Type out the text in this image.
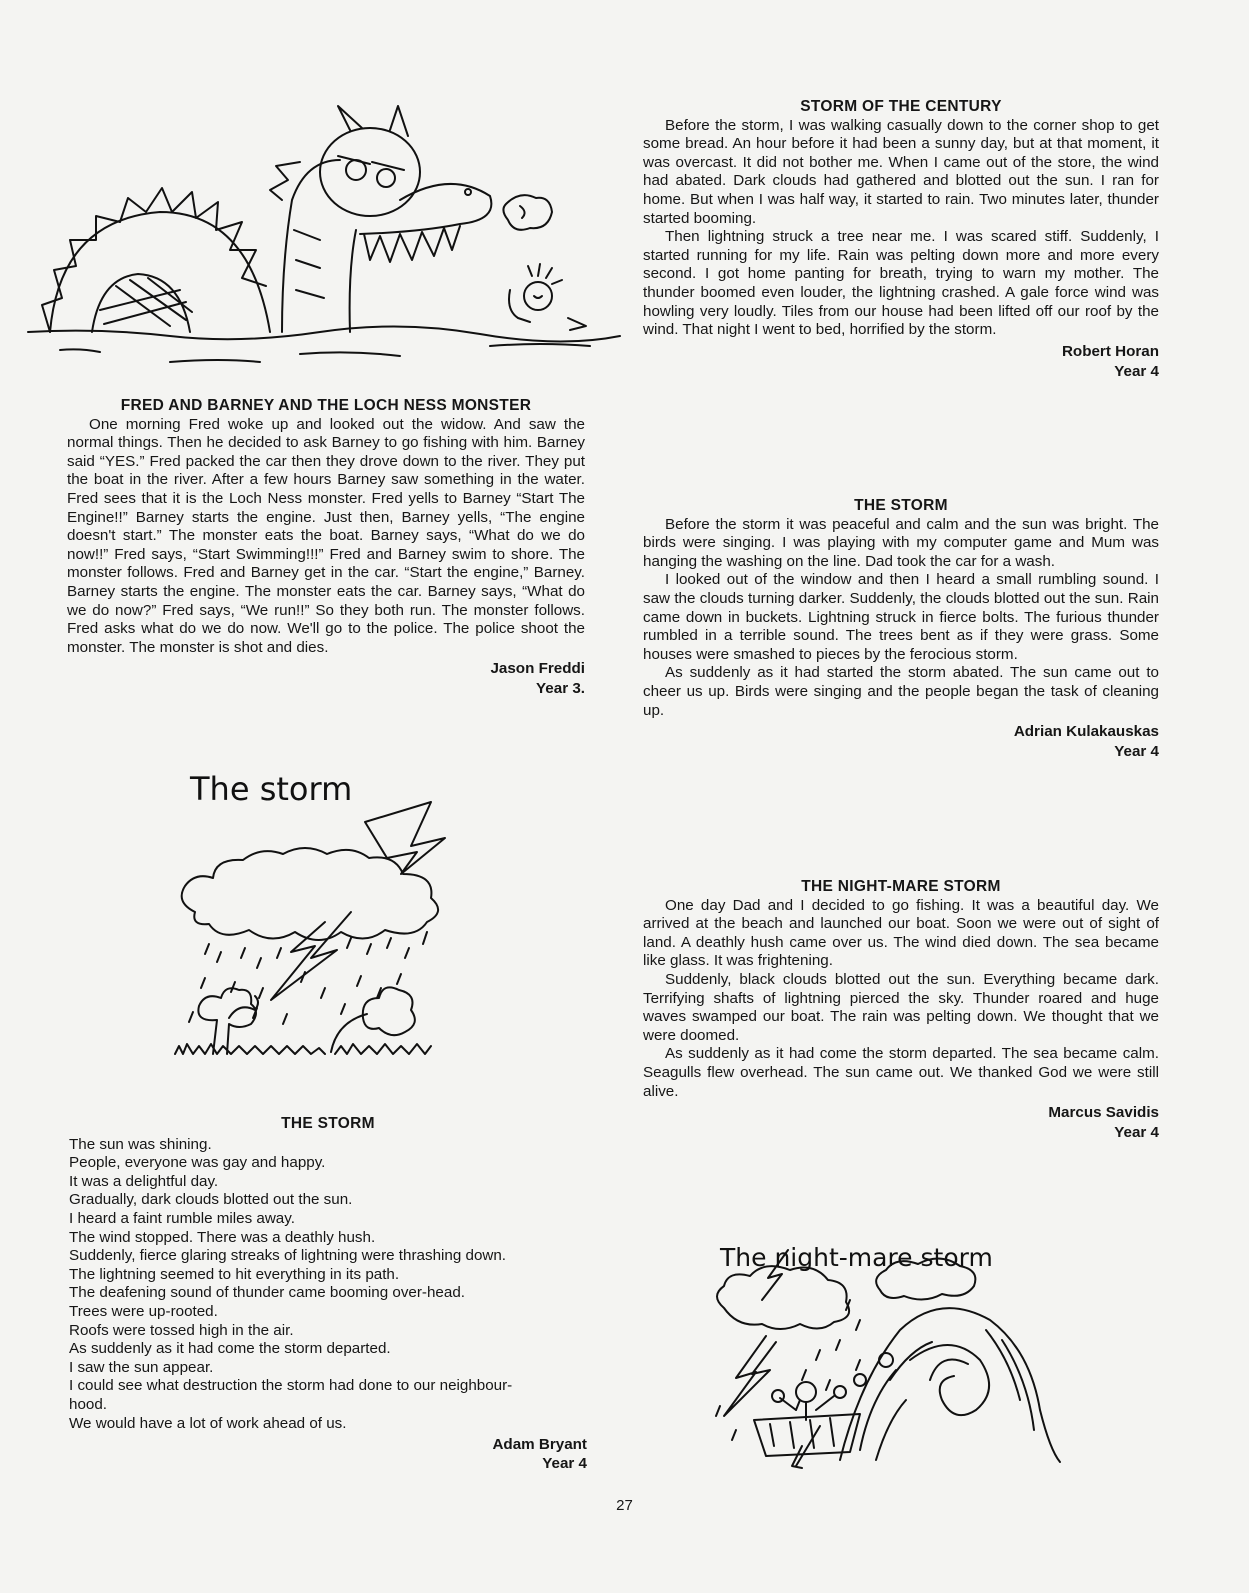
FRED AND BARNEY AND THE LOCH NESS MONSTER

One morning Fred woke up and looked out the widow. And saw the normal things. Then he decided to ask Barney to go fishing with him. Barney said “YES.” Fred packed the car then they drove down to the river. They put the boat in the river. After a few hours Barney saw something in the water. Fred sees that it is the Loch Ness monster. Fred yells to Barney “Start The Engine!!” Barney starts the engine. Just then, Barney yells, “The engine doesn't start.” The monster eats the boat. Barney says, “What do we do now!!” Fred says, “Start Swimming!!!” Fred and Barney swim to shore. The monster follows. Fred and Barney get in the car. “Start the engine,” Barney. Barney starts the engine. The monster eats the car. Barney says, “What do we do now?” Fred says, “We run!!” So they both run. The monster follows. Fred asks what do we do now. We'll go to the police. The police shoot the monster. The monster is shot and dies.

Jason Freddi
Year 3.
The storm
THE STORM
The sun was shining.
People, everyone was gay and happy.
It was a delightful day.
Gradually, dark clouds blotted out the sun.
I heard a faint rumble miles away.
The wind stopped. There was a deathly hush.
Suddenly, fierce glaring streaks of lightning were thrashing down.
The lightning seemed to hit everything in its path.
The deafening sound of thunder came booming over-head.
Trees were up-rooted.
Roofs were tossed high in the air.
As suddenly as it had come the storm departed.
I saw the sun appear.
I could see what destruction the storm had done to our neighbour-
hood.
We would have a lot of work ahead of us.
Adam Bryant
Year 4
STORM OF THE CENTURY

Before the storm, I was walking casually down to the corner shop to get some bread. An hour before it had been a sunny day, but at that moment, it was overcast. It did not bother me. When I came out of the store, the wind had abated. Dark clouds had gathered and blotted out the sun. I ran for home. But when I was half way, it started to rain. Two minutes later, thunder started booming.

Then lightning struck a tree near me. I was scared stiff. Suddenly, I started running for my life. Rain was pelting down more and more every second. I got home panting for breath, trying to warn my mother. The thunder boomed even louder, the lightning crashed. A gale force wind was howling very loudly. Tiles from our house had been lifted off our roof by the wind. That night I went to bed, horrified by the storm.

Robert Horan
Year 4
THE STORM

Before the storm it was peaceful and calm and the sun was bright. The birds were singing. I was playing with my computer game and Mum was hanging the washing on the line. Dad took the car for a wash.

I looked out of the window and then I heard a small rumbling sound. I saw the clouds turning darker. Suddenly, the clouds blotted out the sun. Rain came down in buckets. Lightning struck in fierce bolts. The furious thunder rumbled in a terrible sound. The trees bent as if they were grass. Some houses were smashed to pieces by the ferocious storm.

As suddenly as it had started the storm abated. The sun came out to cheer us up. Birds were singing and the people began the task of cleaning up.

Adrian Kulakauskas
Year 4
THE NIGHT-MARE STORM

One day Dad and I decided to go fishing. It was a beautiful day. We arrived at the beach and launched our boat. Soon we were out of sight of land. A deathly hush came over us. The wind died down. The sea became like glass. It was frightening.

Suddenly, black clouds blotted out the sun. Everything became dark. Terrifying shafts of lightning pierced the sky. Thunder roared and huge waves swamped our boat. The rain was pelting down. We thought that we were doomed.

As suddenly as it had come the storm departed. The sea became calm. Seagulls flew overhead. The sun came out. We thanked God we were still alive.

Marcus Savidis
Year 4
The night-mare storm
27
